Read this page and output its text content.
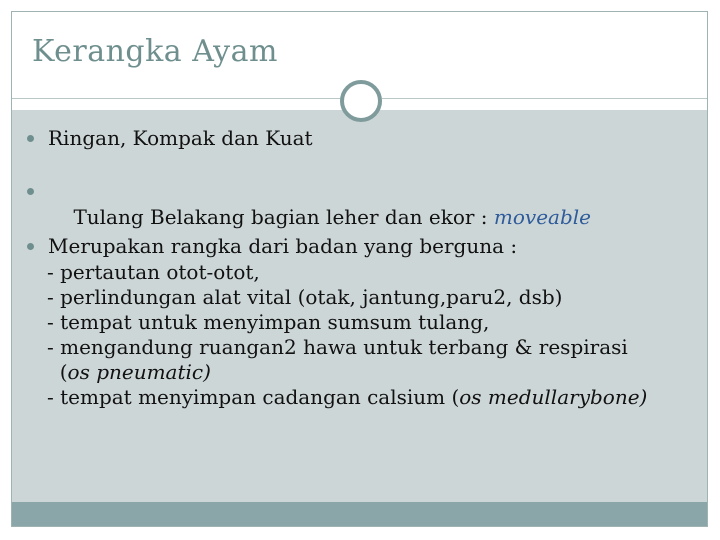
Kerangka Ayam
Ringan, Kompak dan Kuat

Tulang Belakang bagian leher dan ekor : moveable

Merupakan rangka dari badan yang berguna :
- pertautan otot-otot,
- perlindungan alat vital (otak, jantung,paru2, dsb)
- tempat untuk menyimpan sumsum tulang,
- mengandung ruangan2 hawa untuk terbang & respirasi
(os pneumatic)
- tempat menyimpan cadangan calsium (os medullarybone)
